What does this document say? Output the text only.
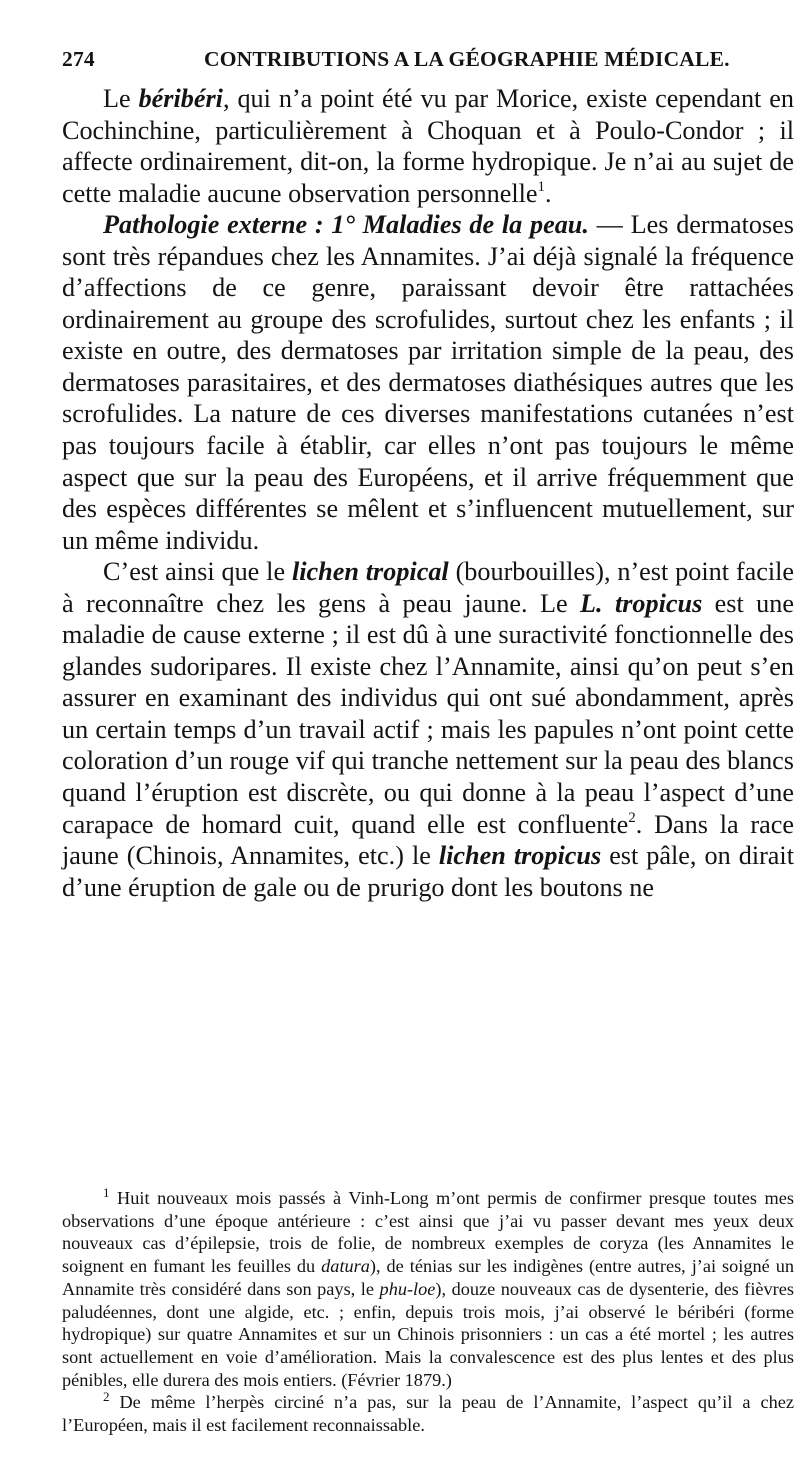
274	CONTRIBUTIONS A LA GÉOGRAPHIE MÉDICALE.

Le béribéri, qui n’a point été vu par Morice, existe cependant en Cochinchine, particulièrement à Choquan et à Poulo-Condor ; il affecte ordinairement, dit-on, la forme hydropique. Je n’ai au sujet de cette maladie aucune observation personnelle$^1$.

Pathologie externe : 1° Maladies de la peau. — Les dermatoses sont très répandues chez les Annamites. J’ai déjà signalé la fréquence d’affections de ce genre, paraissant devoir être rattachées ordinairement au groupe des scrofulides, surtout chez les enfants ; il existe en outre, des dermatoses par irritation simple de la peau, des dermatoses parasitaires, et des dermatoses diathésiques autres que les scrofulides. La nature de ces diverses manifestations cutanées n’est pas toujours facile à établir, car elles n’ont pas toujours le même aspect que sur la peau des Européens, et il arrive fréquemment que des espèces différentes se mêlent et s’influencent mutuellement, sur un même individu.

C’est ainsi que le lichen tropical (bourbouilles), n’est point facile à reconnaître chez les gens à peau jaune. Le L. tropicus est une maladie de cause externe ; il est dû à une suractivité fonctionnelle des glandes sudoripares. Il existe chez l’Annamite, ainsi qu’on peut s’en assurer en examinant des individus qui ont sué abondamment, après un certain temps d’un travail actif ; mais les papules n’ont point cette coloration d’un rouge vif qui tranche nettement sur la peau des blancs quand l’éruption est discrète, ou qui donne à la peau l’aspect d’une carapace de homard cuit, quand elle est confluente$^2$. Dans la race jaune (Chinois, Annamites, etc.) le lichen tropicus est pâle, on dirait d’une éruption de gale ou de prurigo dont les boutons ne

$^1$ Huit nouveaux mois passés à Vinh-Long m’ont permis de confirmer presque toutes mes observations d’une époque antérieure : c’est ainsi que j’ai vu passer devant mes yeux deux nouveaux cas d’épilepsie, trois de folie, de nombreux exemples de coryza (les Annamites le soignent en fumant les feuilles du datura), de ténias sur les indigènes (entre autres, j’ai soigné un Annamite très considéré dans son pays, le phu-loe), douze nouveaux cas de dysenterie, des fièvres paludéennes, dont une algide, etc. ; enfin, depuis trois mois, j’ai observé le béribéri (forme hydropique) sur quatre Annamites et sur un Chinois prisonniers : un cas a été mortel ; les autres sont actuellement en voie d’amélioration. Mais la convalescence est des plus lentes et des plus pénibles, elle durera des mois entiers. (Février 1879.)

$^2$ De même l’herpès circiné n’a pas, sur la peau de l’Annamite, l’aspect qu’il a chez l’Européen, mais il est facilement reconnaissable.
